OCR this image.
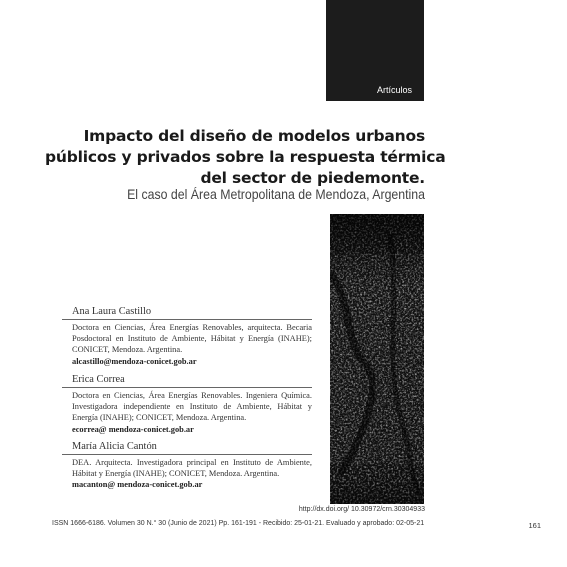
Artículos
Impacto del diseño de modelos urbanos
públicos y privados sobre la respuesta térmica
del sector de piedemonte.
El caso del Área Metropolitana de Mendoza, Argentina
Ana Laura Castillo
Doctora en Ciencias, Área Energías Renovables, arquitecta. Becaria Posdoctoral en Instituto de Ambiente, Hábitat y Energía (INAHE); CONICET, Mendoza. Argentina.
alcastillo@mendoza-conicet.gob.ar
Erica Correa
Doctora en Ciencias, Área Energías Renovables. Ingeniera Química. Investigadora independiente en Instituto de Ambiente, Hábitat y Energía (INAHE); CONICET, Mendoza. Argentina.
ecorrea@ mendoza-conicet.gob.ar
María Alicia Cantón
DEA. Arquitecta. Investigadora principal en Instituto de Ambiente, Hábitat y Energía (INAHE); CONICET, Mendoza. Argentina.
macanton@ mendoza-conicet.gob.ar
http://dx.doi.org/ 10.30972/crn.30304933
ISSN 1666-6186. Volumen 30 N.° 30 (Junio de 2021) Pp. 161-191 - Recibido: 25-01-21. Evaluado y aprobado: 02-05-21	161
